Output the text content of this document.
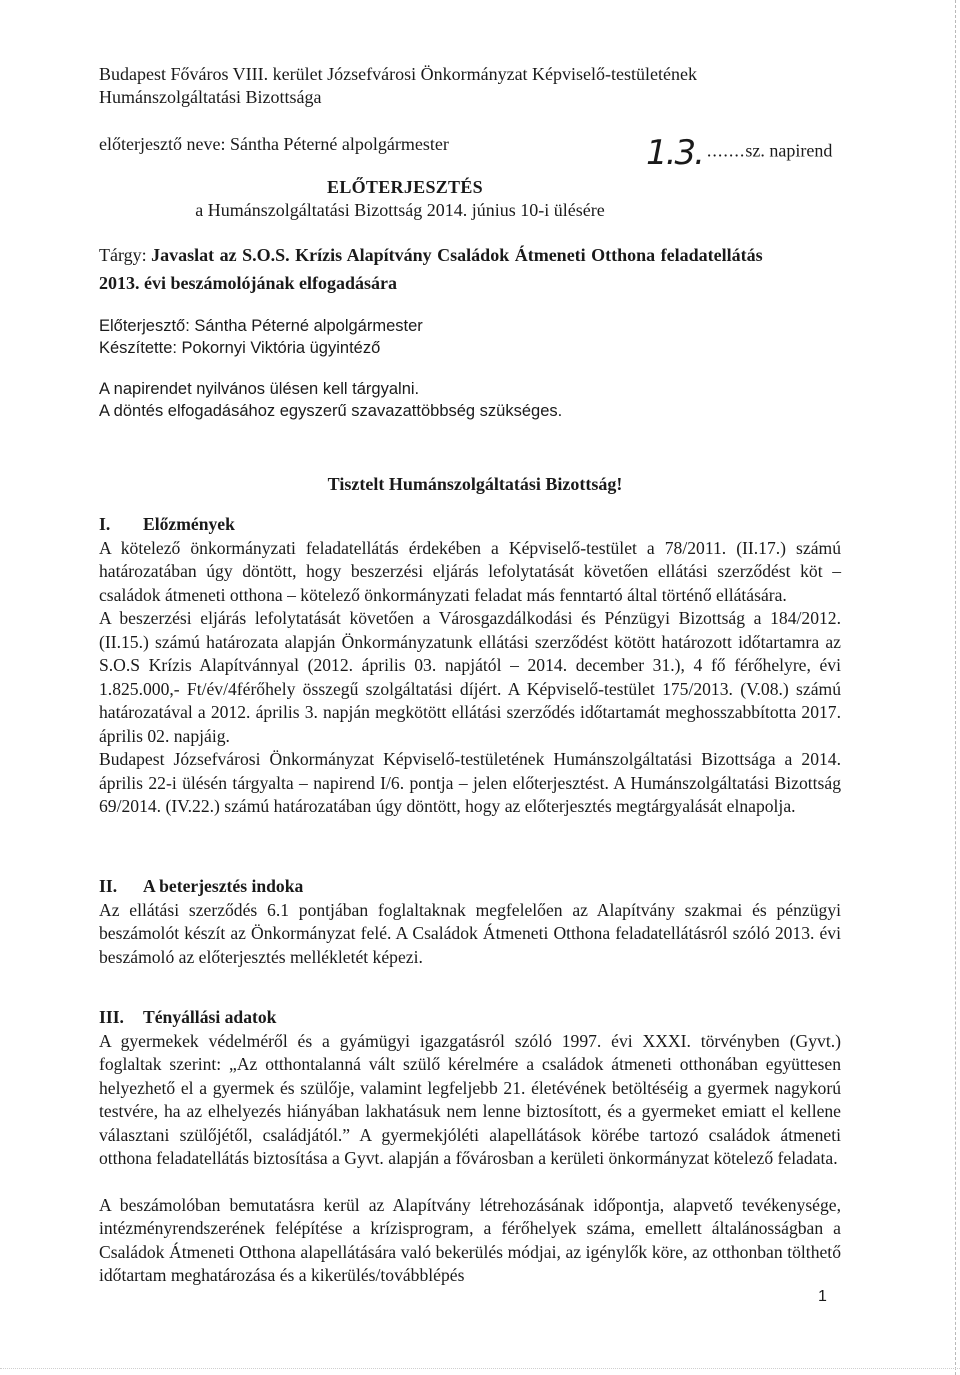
Budapest Főváros VIII. kerület Józsefvárosi Önkormányzat Képviselő-testületének
Humánszolgáltatási Bizottsága
előterjesztő neve: Sántha Péterné alpolgármester	1.3. .......sz. napirend
ELŐTERJESZTÉS
a Humánszolgáltatási Bizottság 2014. június 10-i ülésére
Tárgy: Javaslat az S.O.S. Krízis Alapítvány Családok Átmeneti Otthona feladatellátás
2013. évi beszámolójának elfogadására
Előterjesztő: Sántha Péterné alpolgármester
Készítette: Pokornyi Viktória ügyintéző
A napirendet nyilvános ülésen kell tárgyalni.
A döntés elfogadásához egyszerű szavazattöbbség szükséges.
Tisztelt Humánszolgáltatási Bizottság!
I. Előzmények
A kötelező önkormányzati feladatellátás érdekében a Képviselő-testület a 78/2011. (II.17.) számú határozatában úgy döntött, hogy beszerzési eljárás lefolytatását követően ellátási szerződést köt – családok átmeneti otthona – kötelező önkormányzati feladat más fenntartó által történő ellátására.
A beszerzési eljárás lefolytatását követően a Városgazdálkodási és Pénzügyi Bizottság a 184/2012. (II.15.) számú határozata alapján Önkormányzatunk ellátási szerződést kötött határozott időtartamra az S.O.S Krízis Alapítvánnyal (2012. április 03. napjától – 2014. december 31.), 4 fő férőhelyre, évi 1.825.000,- Ft/év/4férőhely összegű szolgáltatási díjért. A Képviselő-testület 175/2013. (V.08.) számú határozatával a 2012. április 3. napján megkötött ellátási szerződés időtartamát meghosszabbította 2017. április 02. napjáig.
Budapest Józsefvárosi Önkormányzat Képviselő-testületének Humánszolgáltatási Bizottsága a 2014. április 22-i ülésén tárgyalta – napirend I/6. pontja – jelen előterjesztést. A Humánszolgáltatási Bizottság 69/2014. (IV.22.) számú határozatában úgy döntött, hogy az előterjesztés megtárgyalását elnapolja.
II. A beterjesztés indoka
Az ellátási szerződés 6.1 pontjában foglaltaknak megfelelően az Alapítvány szakmai és pénzügyi beszámolót készít az Önkormányzat felé. A Családok Átmeneti Otthona feladatellátásról szóló 2013. évi beszámoló az előterjesztés mellékletét képezi.
III. Tényállási adatok
A gyermekek védelméről és a gyámügyi igazgatásról szóló 1997. évi XXXI. törvényben (Gyvt.) foglaltak szerint: „Az otthontalanná vált szülő kérelmére a családok átmeneti otthonában együttesen helyezhető el a gyermek és szülője, valamint legfeljebb 21. életévének betöltéséig a gyermek nagykorú testvére, ha az elhelyezés hiányában lakhatásuk nem lenne biztosított, és a gyermeket emiatt el kellene választani szülőjétől, családjától.” A gyermekjóléti alapellátások körébe tartozó családok átmeneti otthona feladatellátás biztosítása a Gyvt. alapján a fővárosban a kerületi önkormányzat kötelező feladata.
A beszámolóban bemutatásra kerül az Alapítvány létrehozásának időpontja, alapvető tevékenysége, intézményrendszerének felépítése a krízisprogram, a férőhelyek száma, emellett általánosságban a Családok Átmeneti Otthona alapellátására való bekerülés módjai, az igénylők köre, az otthonban tölthető időtartam meghatározása és a kikerülés/továbblépés
1
